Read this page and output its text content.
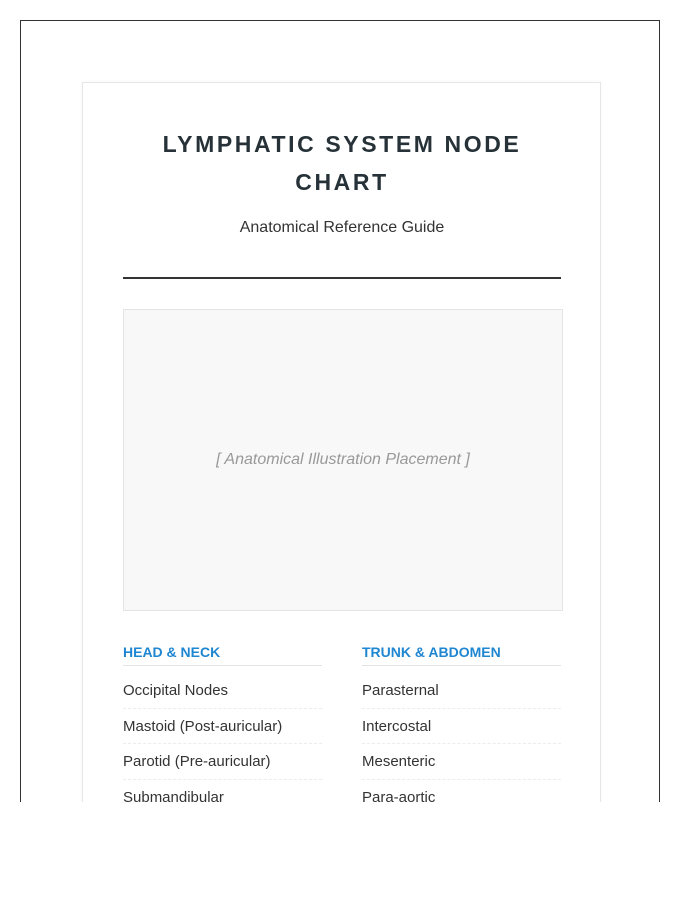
LYMPHATIC SYSTEM NODE CHART

Anatomical Reference Guide

[ Anatomical Illustration Placement ]
HEAD & NECK
Occipital Nodes
Mastoid (Post-auricular)
Parotid (Pre-auricular)
Submandibular
TRUNK & ABDOMEN
Parasternal
Intercostal
Mesenteric
Para-aortic
